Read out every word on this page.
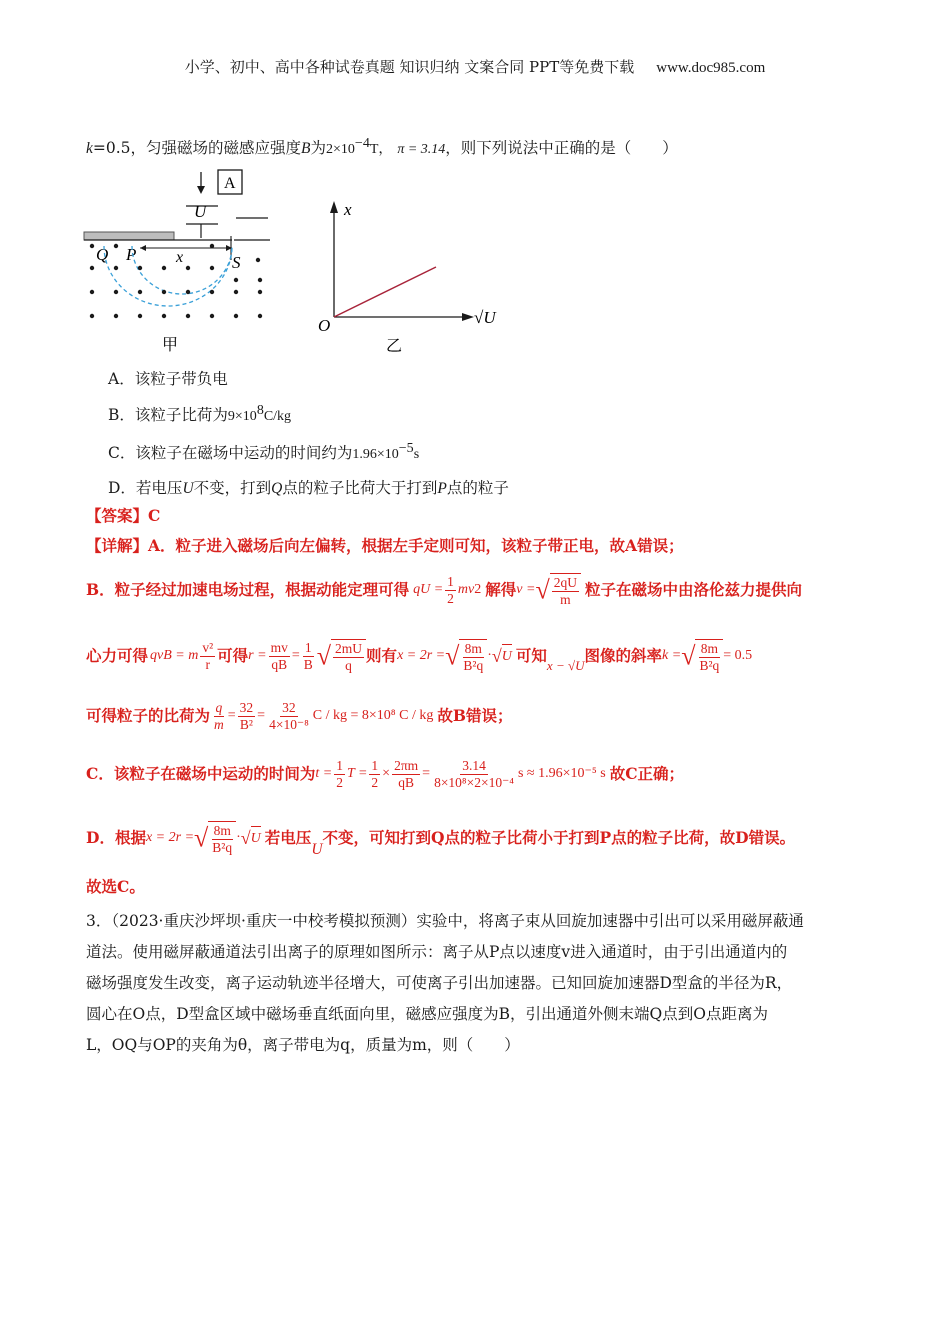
小学、初中、高中各种试卷真题 知识归纳 文案合同 PPT等免费下载 www.doc985.com
k=0.5，匀强磁场的磁感应强度B为$2\times 10^{-4}T$， π = 3.14，则下列说法中正确的是（　　）
A
U
Q P	S
x
甲
x
O	√U
乙
A．该粒子带负电
B．该粒子比荷为$9\times 10^8C/kg$
C．该粒子在磁场中运动的时间约为$1.96\times 10^{-5}s$
D．若电压U不变，打到Q点的粒子比荷大于打到P点的粒子
【答案】C
【详解】A．粒子进入磁场后向左偏转，根据左手定则可知，该粒子带正电，故A错误；
B．粒子经过加速电场过程，根据动能定理可得 qU = $\frac{1}{2}$ mv 2 解得 v = √ $\frac{2qU}{m}$ 粒子在磁场中由洛伦兹力提供向
心力可得 qvB = m $\frac{\text{v²}}{r}$ 可得 $r = \frac{mv}{qB} = \frac{1}{B}$ √ $\frac{2mU}{q}$ 则有 x = 2r = √ $\frac{8m}{\text{B²q}} \cdot √U$ 可知
x − √U
图像的斜率 k = √ $\frac{8m}{\text{B²q}} = 0.5$
可得粒子的比荷为 $\frac{q}{m} = \frac{32}{\text{B²}} = \frac{32}{\text{4×10⁻⁸}}$ C / kg = 8×10⁸ C / kg 故B错误；
C．该粒子在磁场中运动的时间为 $t = \frac{1}{2}$ $T = \frac{1}{2} \times \frac{2\pi m}{qB} = \frac{3.14}{\text{8×10⁸×2×10⁻⁴}}$ s ≈ 1.96×10⁻⁵ s 故C正确；
D．根据 x = 2r = √ $\frac{8m}{\text{B²q}} \cdot √U$ 若电压
U
不变，可知打到Q点的粒子比荷小于打到P点的粒子比荷，故D错误。
故选C。
3．（2023·重庆沙坪坝·重庆一中校考模拟预测）实验中，将离子束从回旋加速器中引出可以采用磁屏蔽通
道法。使用磁屏蔽通道法引出离子的原理如图所示：离子从P点以速度v进入通道时，由于引出通道内的
磁场强度发生改变，离子运动轨迹半径增大，可使离子引出加速器。已知回旋加速器D型盒的半径为R，
圆心在O点，D型盒区域中磁场垂直纸面向里，磁感应强度为B，引出通道外侧末端Q点到O点距离为
L，OQ与OP的夹角为θ，离子带电为q，质量为m，则（　　）
